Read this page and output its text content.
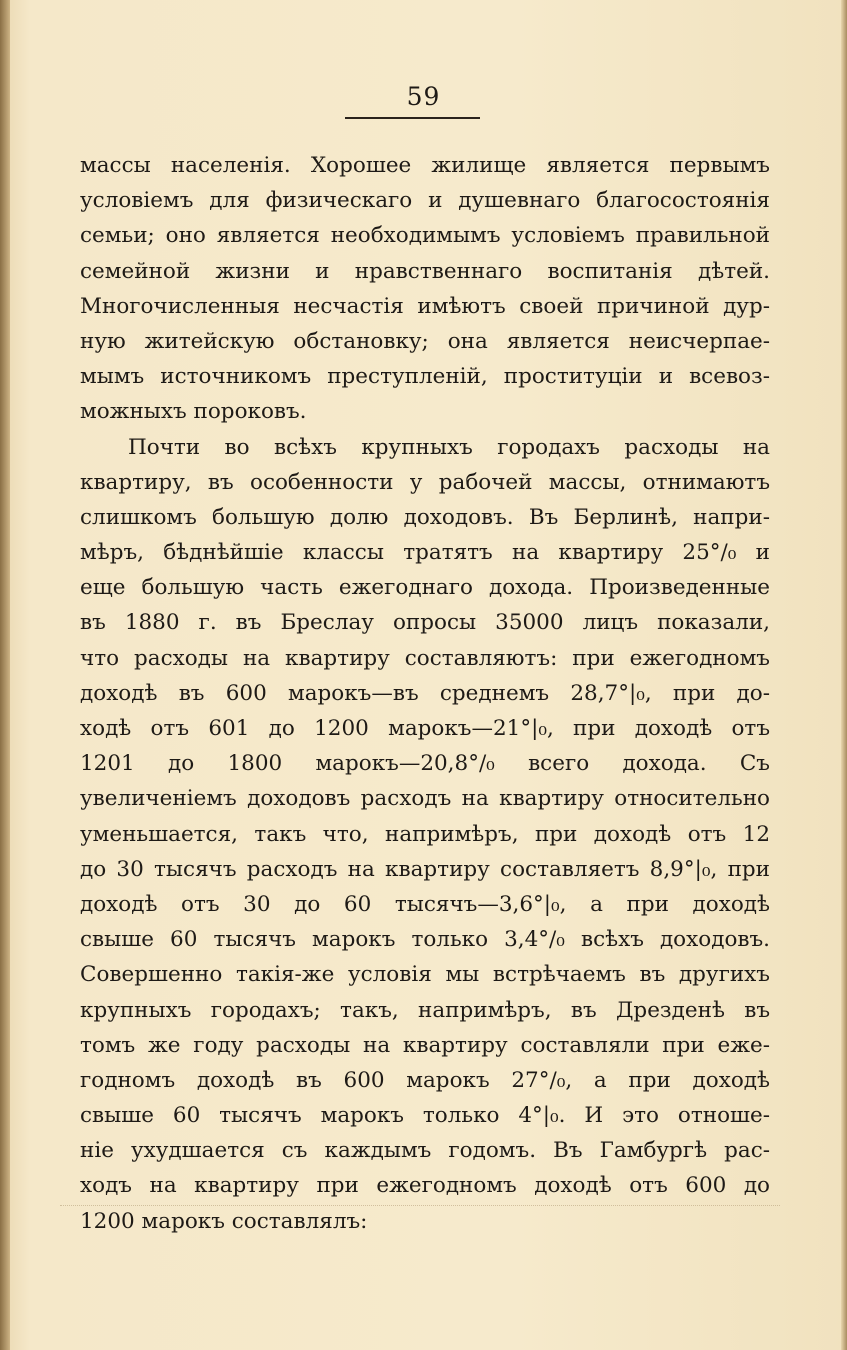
59
массы населенія. Хорошее жилище является первымъ
условіемъ для физическаго и душевнаго благосостоянія
семьи; оно является необходимымъ условіемъ правильной
семейной жизни и нравственнаго воспитанія дѣтей.
Многочисленныя несчастія имѣютъ своей причиной дур-
ную житейскую обстановку; она является неисчерпае-
мымъ источникомъ преступленій, проституціи и всевоз-
можныхъ пороковъ.
Почти во всѣхъ крупныхъ городахъ расходы на
квартиру, въ особенности у рабочей массы, отнимаютъ
слишкомъ большую долю доходовъ. Въ Берлинѣ, напри-
мѣръ, бѣднѣйшіе классы тратятъ на квартиру 25°/₀ и
еще большую часть ежегоднаго дохода. Произведенные
въ 1880 г. въ Бреслау опросы 35000 лицъ показали,
что расходы на квартиру составляютъ: при ежегодномъ
доходѣ въ 600 марокъ—въ среднемъ 28,7°|₀, при до-
ходѣ отъ 601 до 1200 марокъ—21°|₀, при доходѣ отъ
1201 до 1800 марокъ—20,8°/₀ всего дохода. Съ
увеличеніемъ доходовъ расходъ на квартиру относительно
уменьшается, такъ что, напримѣръ, при доходѣ отъ 12
до 30 тысячъ расходъ на квартиру составляетъ 8,9°|₀, при
доходѣ отъ 30 до 60 тысячъ—3,6°|₀, а при доходѣ
свыше 60 тысячъ марокъ только 3,4°/₀ всѣхъ доходовъ.
Совершенно такія-же условія мы встрѣчаемъ въ другихъ
крупныхъ городахъ; такъ, напримѣръ, въ Дрезденѣ въ
томъ же году расходы на квартиру составляли при еже-
годномъ доходѣ въ 600 марокъ 27°/₀, а при доходѣ
свыше 60 тысячъ марокъ только 4°|₀. И это отноше-
ніе ухудшается съ каждымъ годомъ. Въ Гамбургѣ рас-
ходъ на квартиру при ежегодномъ доходѣ отъ 600 до
1200 марокъ составлялъ:
